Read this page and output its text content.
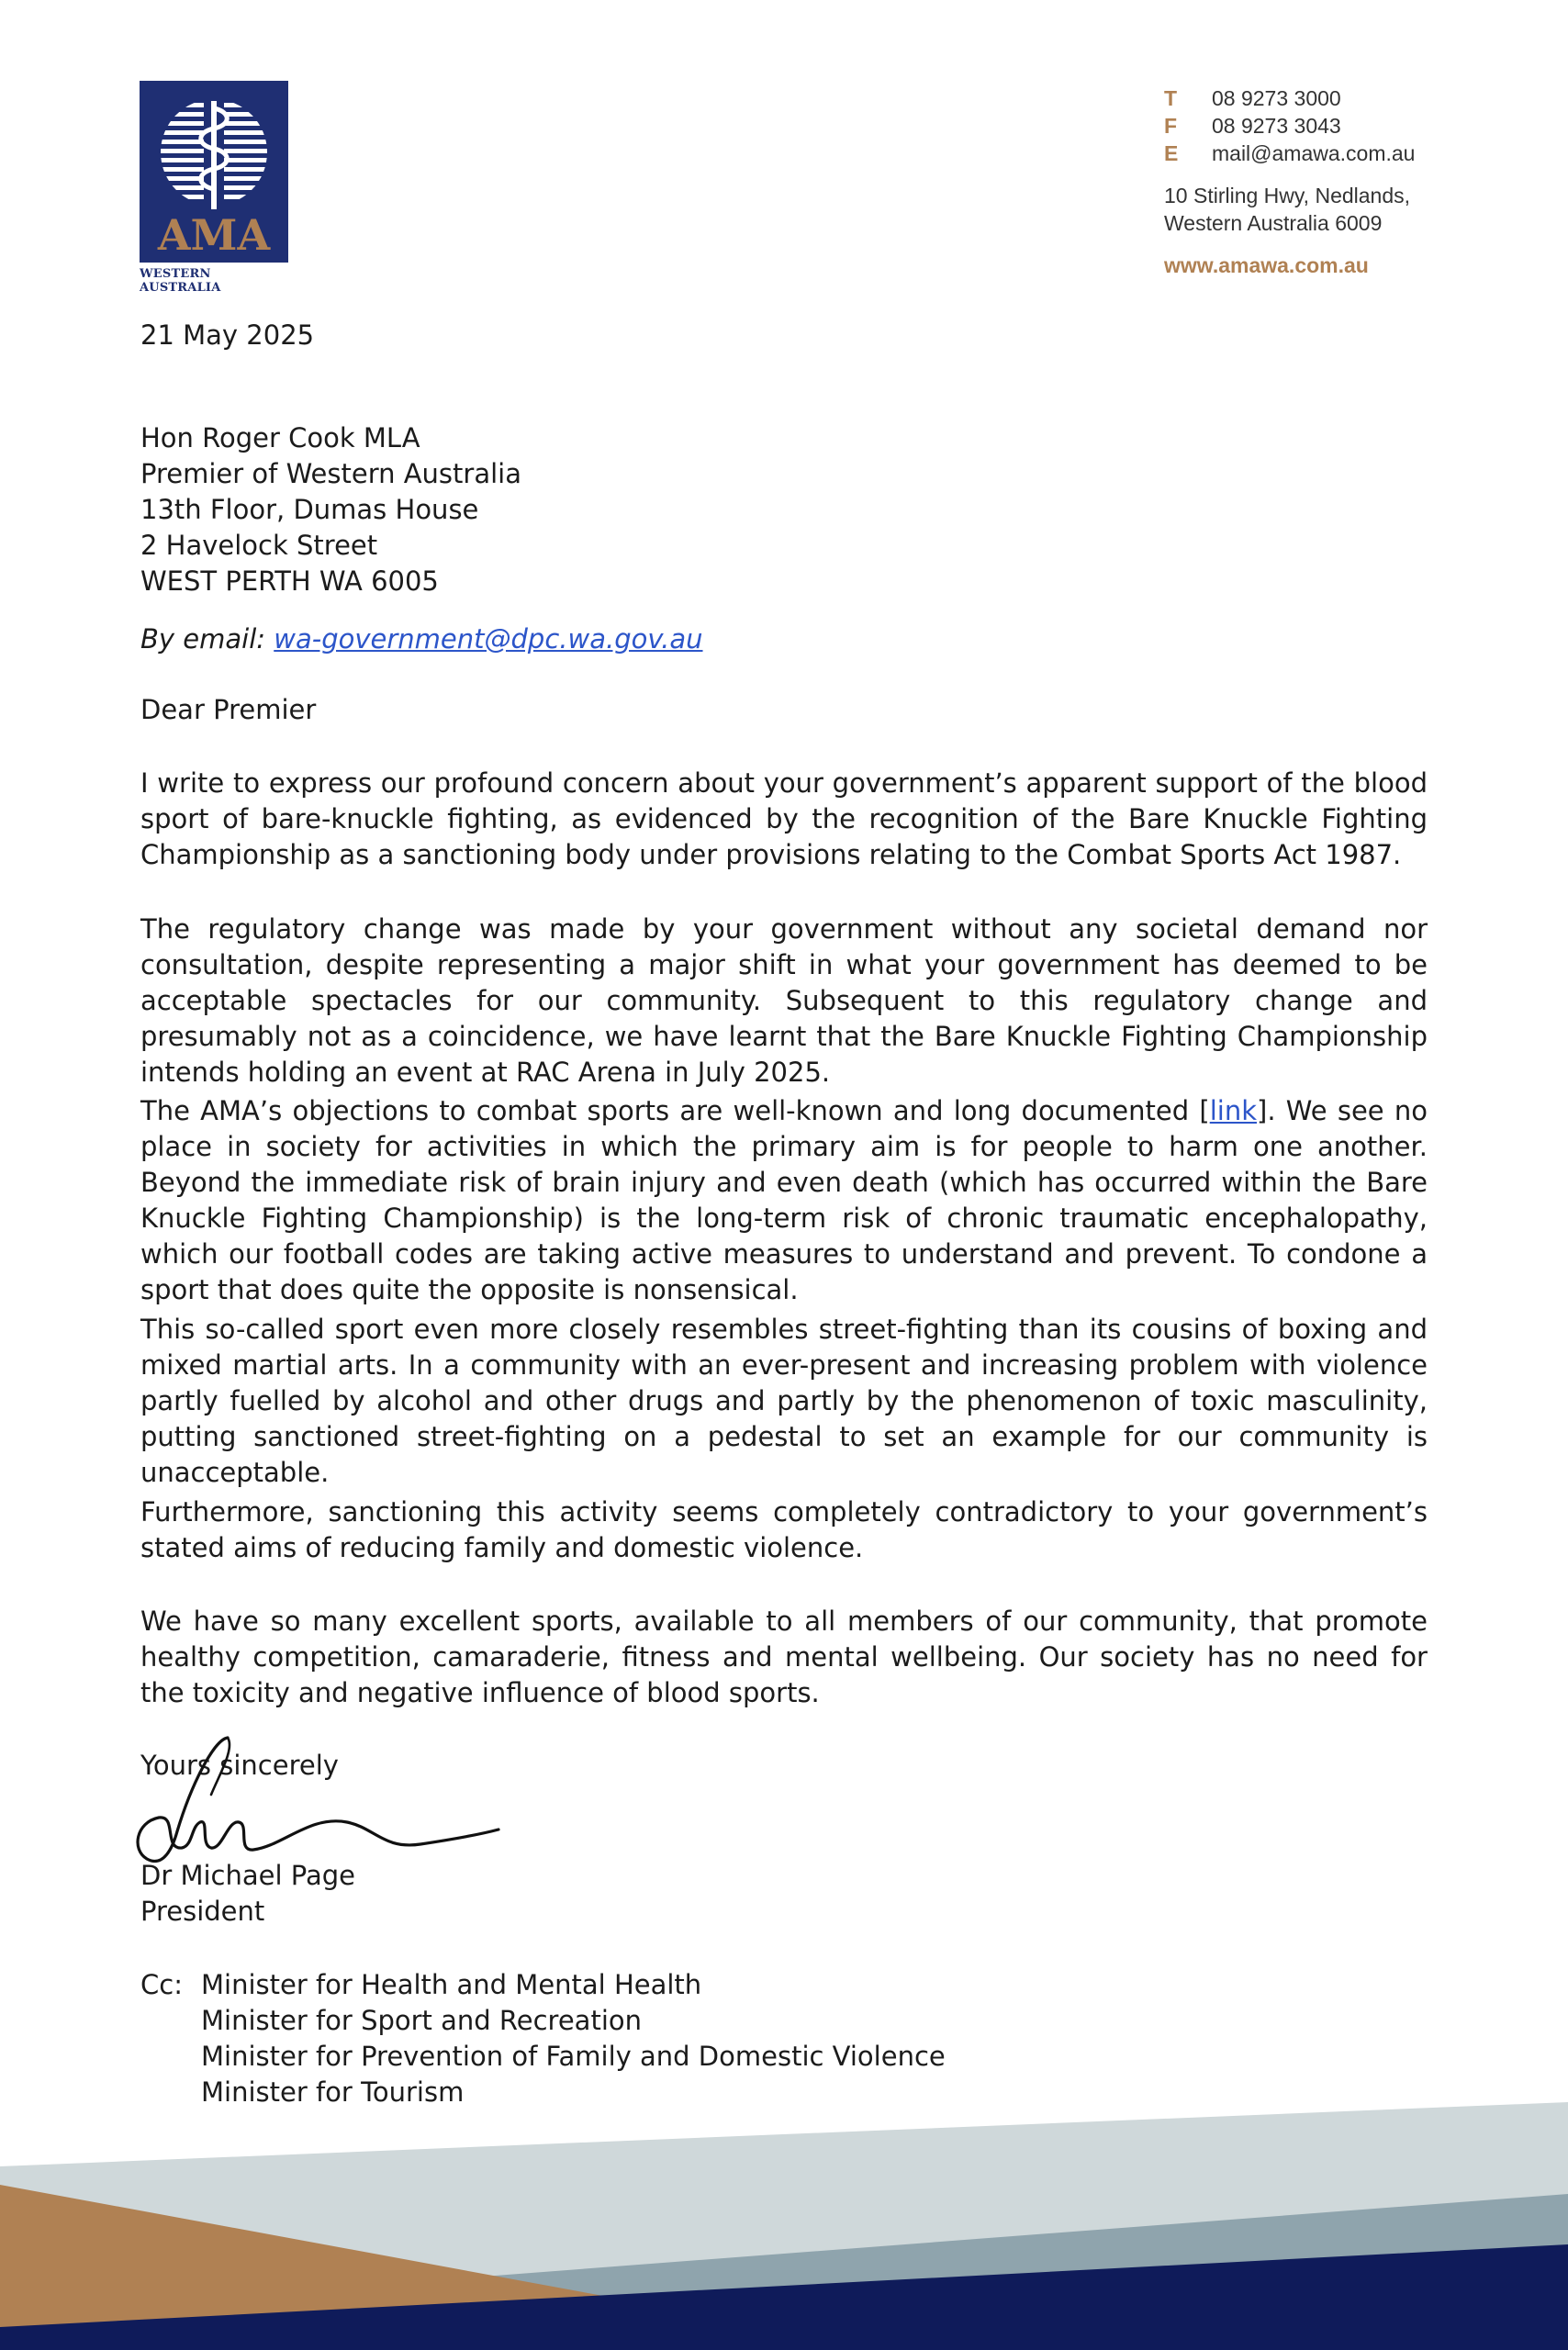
AMA
WESTERN AUSTRALIA
T	08 9273 3000
F	08 9273 3043
E	mail@amawa.com.au
10 Stirling Hwy, Nedlands,
Western Australia 6009
www.amawa.com.au
21 May 2025
Hon Roger Cook MLA
Premier of Western Australia
13th Floor, Dumas House
2 Havelock Street
WEST PERTH WA 6005
By email: wa-government@dpc.wa.gov.au
Dear Premier

I write to express our profound concern about your government’s apparent support of the blood sport of bare-knuckle fighting, as evidenced by the recognition of the Bare Knuckle Fighting Championship as a sanctioning body under provisions relating to the Combat Sports Act 1987.

The regulatory change was made by your government without any societal demand nor consultation, despite representing a major shift in what your government has deemed to be acceptable spectacles for our community. Subsequent to this regulatory change and presumably not as a coincidence, we have learnt that the Bare Knuckle Fighting Championship intends holding an event at RAC Arena in July 2025.

The AMA’s objections to combat sports are well-known and long documented [link]. We see no place in society for activities in which the primary aim is for people to harm one another. Beyond the immediate risk of brain injury and even death (which has occurred within the Bare Knuckle Fighting Championship) is the long-term risk of chronic traumatic encephalopathy, which our football codes are taking active measures to understand and prevent. To condone a sport that does quite the opposite is nonsensical.

This so-called sport even more closely resembles street-fighting than its cousins of boxing and mixed martial arts. In a community with an ever-present and increasing problem with violence partly fuelled by alcohol and other drugs and partly by the phenomenon of toxic masculinity, putting sanctioned street-fighting on a pedestal to set an example for our community is unacceptable.

Furthermore, sanctioning this activity seems completely contradictory to your government’s stated aims of reducing family and domestic violence.

We have so many excellent sports, available to all members of our community, that promote healthy competition, camaraderie, fitness and mental wellbeing. Our society has no need for the toxicity and negative influence of blood sports.

Yours sincerely
Dr Michael Page
President
Cc: Minister for Health and Mental Health
Minister for Sport and Recreation
Minister for Prevention of Family and Domestic Violence
Minister for Tourism
